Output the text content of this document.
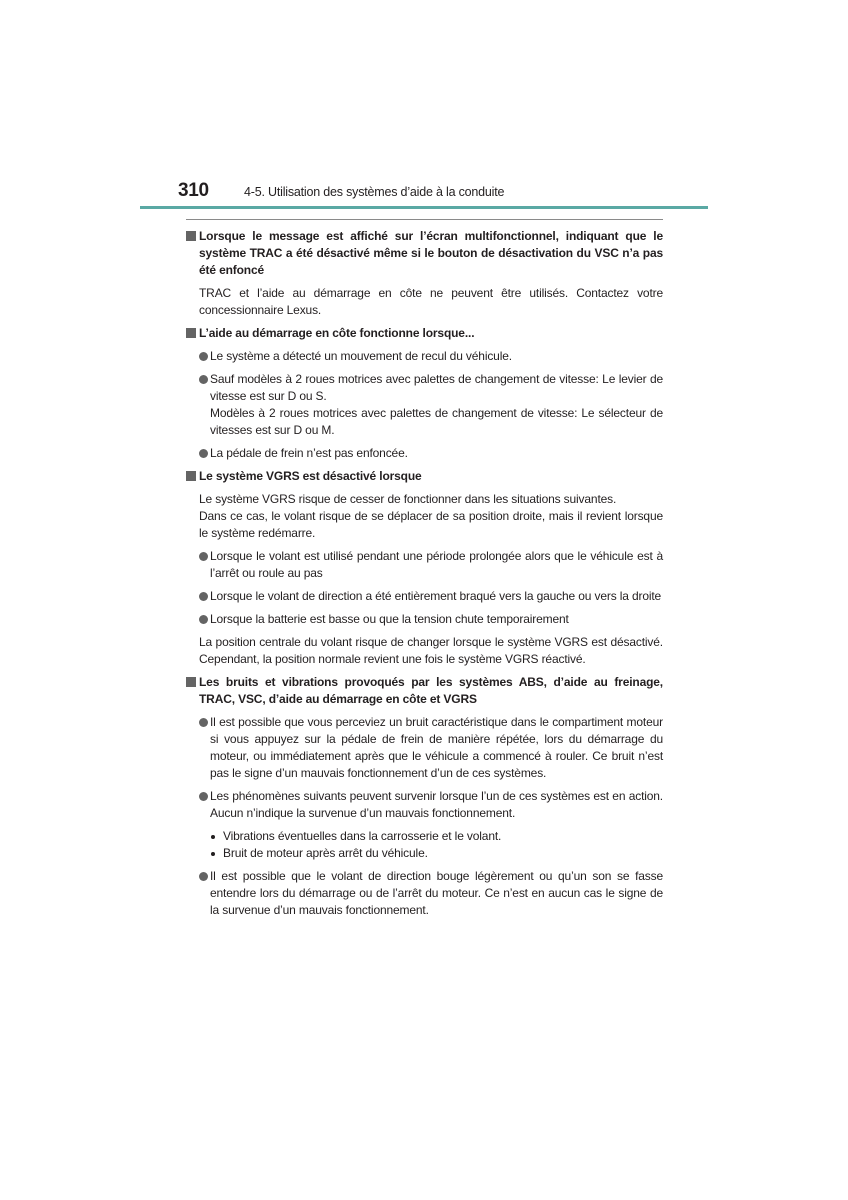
310	4-5. Utilisation des systèmes d’aide à la conduite
Lorsque le message est affiché sur l’écran multifonctionnel, indiquant que le système TRAC a été désactivé même si le bouton de désactivation du VSC n’a pas été enfoncé
TRAC et l’aide au démarrage en côte ne peuvent être utilisés. Contactez votre concessionnaire Lexus.
L’aide au démarrage en côte fonctionne lorsque...
Le système a détecté un mouvement de recul du véhicule.
Sauf modèles à 2 roues motrices avec palettes de changement de vitesse: Le levier de vitesse est sur D ou S.
Modèles à 2 roues motrices avec palettes de changement de vitesse: Le sélecteur de vitesses est sur D ou M.
La pédale de frein n’est pas enfoncée.
Le système VGRS est désactivé lorsque
Le système VGRS risque de cesser de fonctionner dans les situations suivantes.
Dans ce cas, le volant risque de se déplacer de sa position droite, mais il revient lorsque le système redémarre.
Lorsque le volant est utilisé pendant une période prolongée alors que le véhicule est à l’arrêt ou roule au pas
Lorsque le volant de direction a été entièrement braqué vers la gauche ou vers la droite
Lorsque la batterie est basse ou que la tension chute temporairement
La position centrale du volant risque de changer lorsque le système VGRS est désactivé. Cependant, la position normale revient une fois le système VGRS réactivé.
Les bruits et vibrations provoqués par les systèmes ABS, d’aide au freinage, TRAC, VSC, d’aide au démarrage en côte et VGRS
Il est possible que vous perceviez un bruit caractéristique dans le compartiment moteur si vous appuyez sur la pédale de frein de manière répétée, lors du démarrage du moteur, ou immédiatement après que le véhicule a commencé à rouler. Ce bruit n’est pas le signe d’un mauvais fonctionnement d’un de ces systèmes.
Les phénomènes suivants peuvent survenir lorsque l’un de ces systèmes est en action. Aucun n’indique la survenue d’un mauvais fonctionnement.
Vibrations éventuelles dans la carrosserie et le volant.
Bruit de moteur après arrêt du véhicule.
Il est possible que le volant de direction bouge légèrement ou qu’un son se fasse entendre lors du démarrage ou de l’arrêt du moteur. Ce n’est en aucun cas le signe de la survenue d’un mauvais fonctionnement.
